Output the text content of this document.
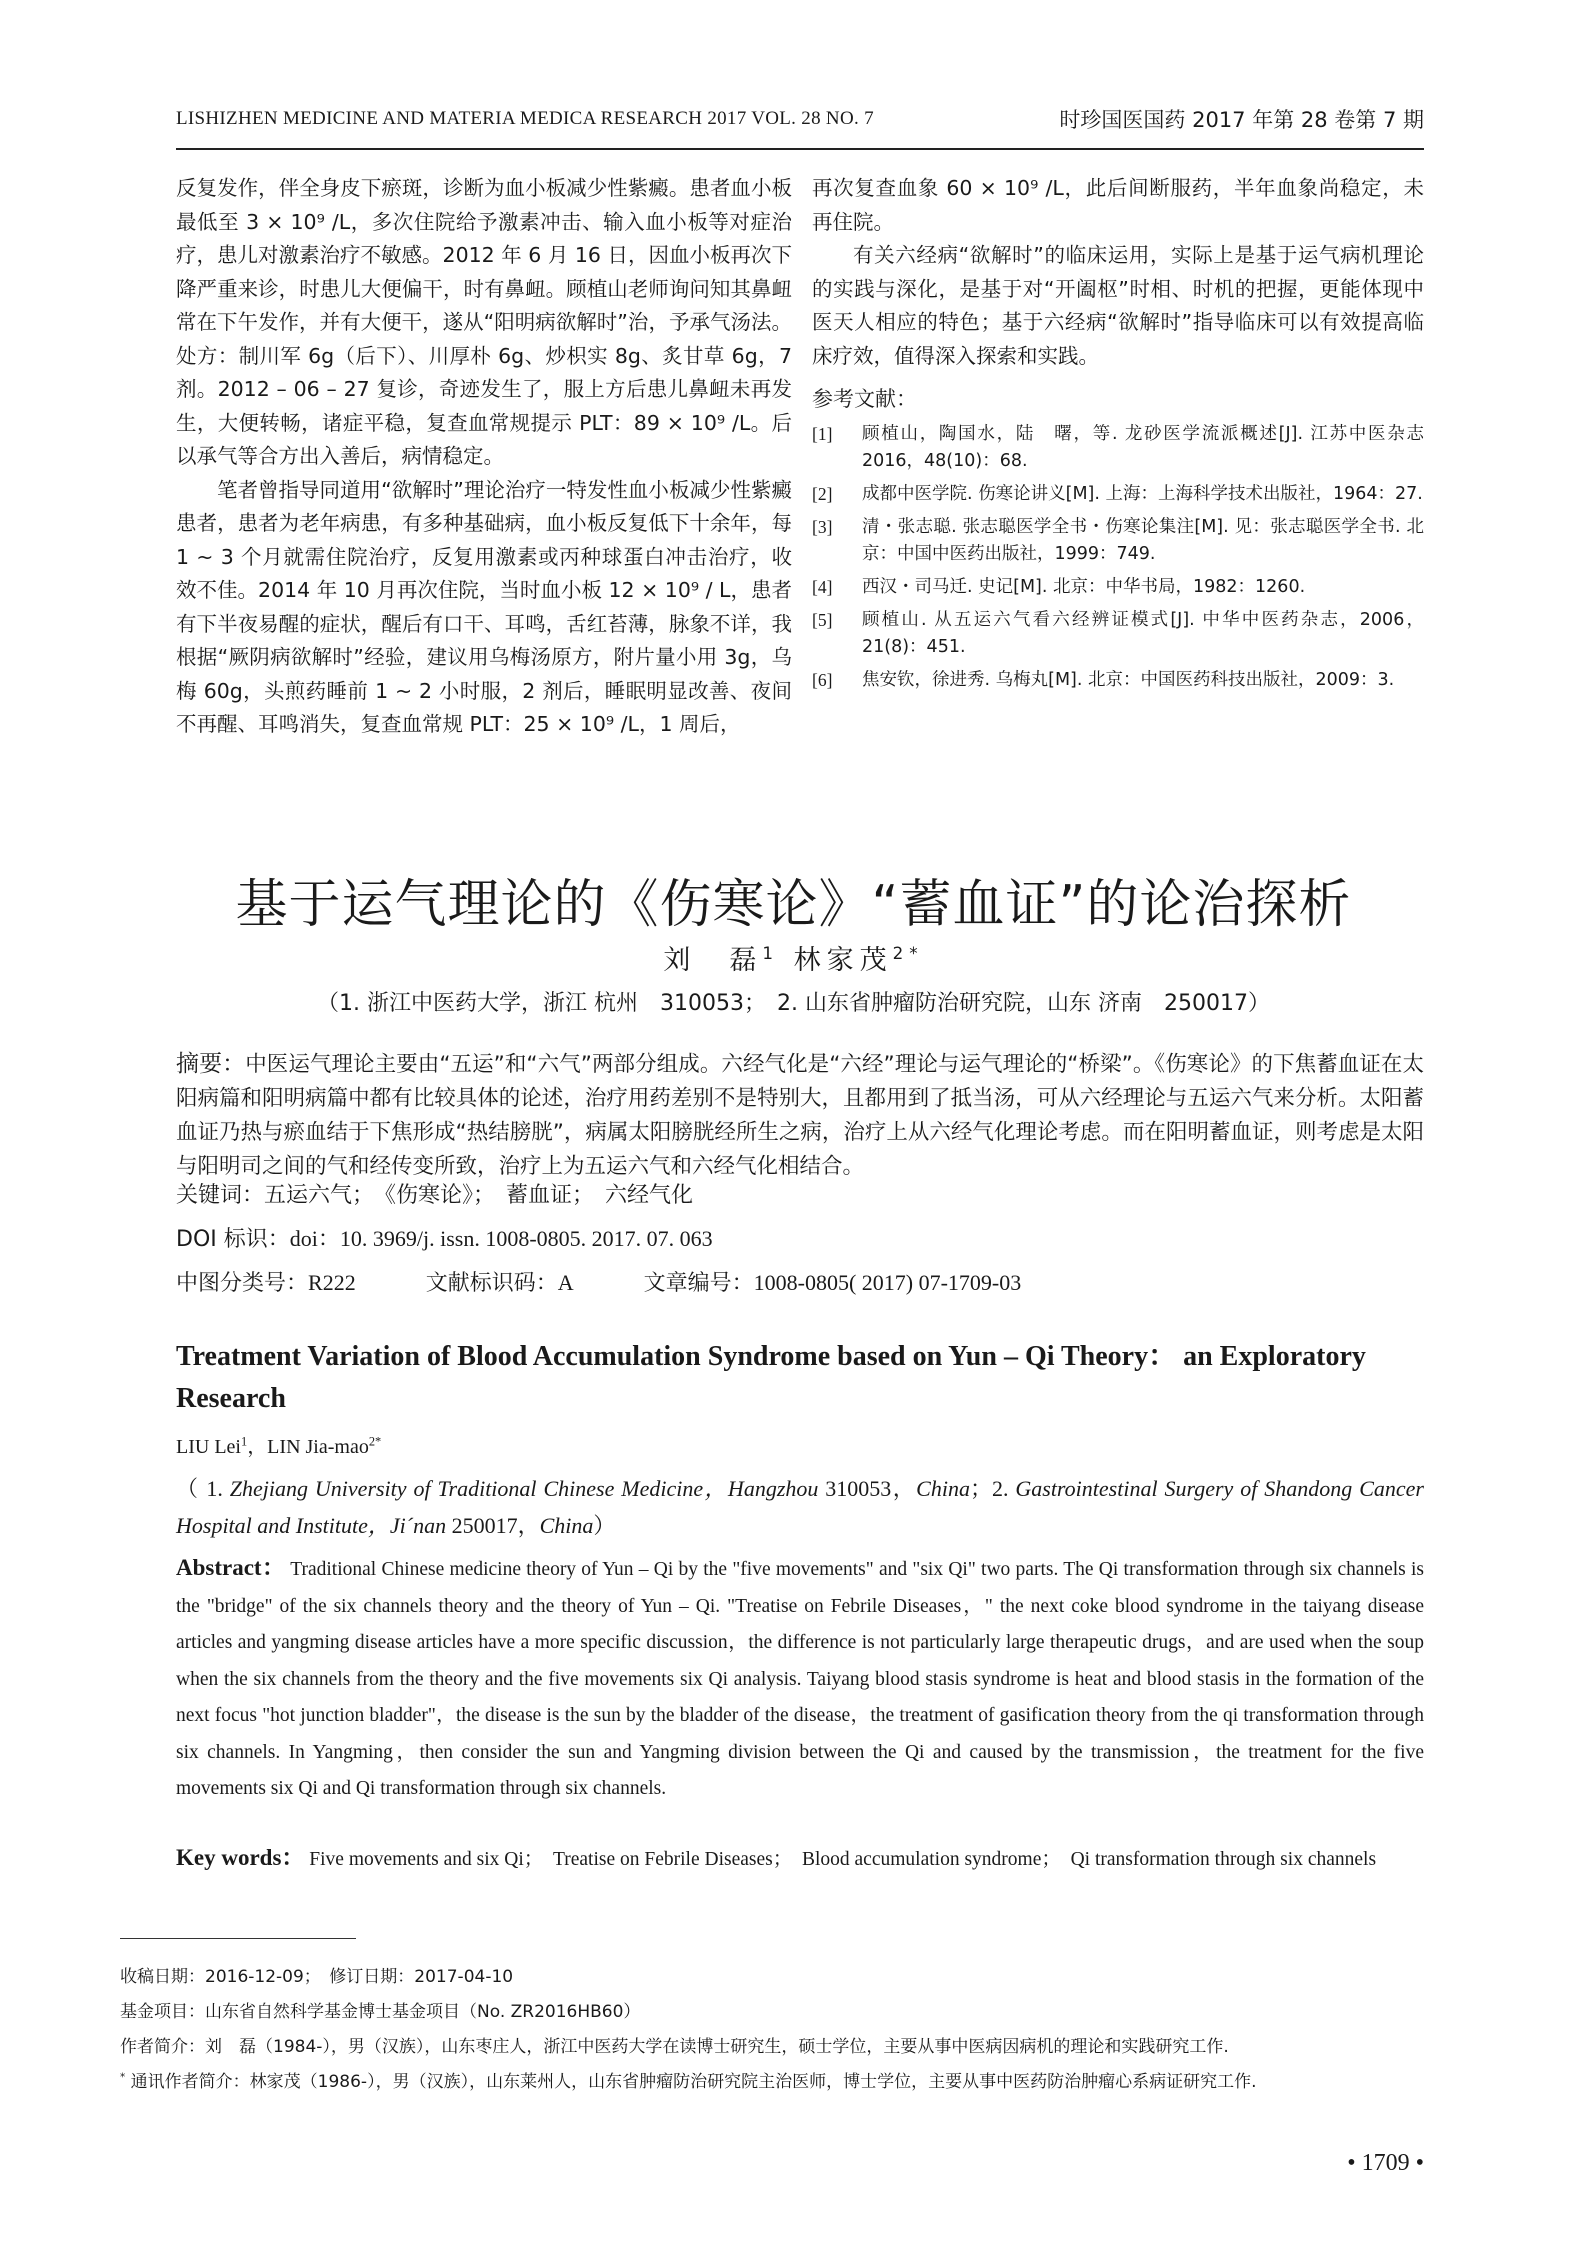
LISHIZHEN MEDICINE AND MATERIA MEDICA RESEARCH 2017 VOL. 28 NO. 7	时珍国医国药 2017 年第 28 卷第 7 期

反复发作，伴全身皮下瘀斑，诊断为血小板减少性紫癜。患者血小板最低至 3 × 10⁹ /L，多次住院给予激素冲击、输入血小板等对症治疗，患儿对激素治疗不敏感。2012 年 6 月 16 日，因血小板再次下降严重来诊，时患儿大便偏干，时有鼻衄。顾植山老师询问知其鼻衄常在下午发作，并有大便干，遂从“阳明病欲解时”治，予承气汤法。处方：制川军 6g（后下）、川厚朴 6g、炒枳实 8g、炙甘草 6g，7 剂。2012 – 06 – 27 复诊，奇迹发生了，服上方后患儿鼻衄未再发生，大便转畅，诸症平稳，复查血常规提示 PLT：89 × 10⁹ /L。后以承气等合方出入善后，病情稳定。

笔者曾指导同道用“欲解时”理论治疗一特发性血小板减少性紫癜患者，患者为老年病患，有多种基础病，血小板反复低下十余年，每 1 ~ 3 个月就需住院治疗，反复用激素或丙种球蛋白冲击治疗，收效不佳。2014 年 10 月再次住院，当时血小板 12 × 10⁹ / L，患者有下半夜易醒的症状，醒后有口干、耳鸣，舌红苔薄，脉象不详，我根据“厥阴病欲解时”经验，建议用乌梅汤原方，附片量小用 3g，乌梅 60g，头煎药睡前 1 ~ 2 小时服，2 剂后，睡眠明显改善、夜间不再醒、耳鸣消失，复查血常规 PLT：25 × 10⁹ /L，1 周后，

再次复查血象 60 × 10⁹ /L，此后间断服药，半年血象尚稳定，未再住院。

有关六经病“欲解时”的临床运用，实际上是基于运气病机理论的实践与深化，是基于对“开阖枢”时相、时机的把握，更能体现中医天人相应的特色；基于六经病“欲解时”指导临床可以有效提高临床疗效，值得深入探索和实践。

参考文献：

[1]	顾植山，陶国水，陆　曙，等. 龙砂医学流派概述[J]. 江苏中医杂志 2016，48(10)：68.

[2]	成都中医学院. 伤寒论讲义[M]. 上海：上海科学技术出版社，1964：27.

[3]	清・张志聪. 张志聪医学全书・伤寒论集注[M]. 见：张志聪医学全书. 北京：中国中医药出版社，1999：749.

[4]	西汉・司马迁. 史记[M]. 北京：中华书局，1982：1260.

[5]	顾植山. 从五运六气看六经辨证模式[J]. 中华中医药杂志，2006，21(8)：451.

[6]	焦安钦，徐进秀. 乌梅丸[M]. 北京：中国医药科技出版社，2009：3.

基于运气理论的《伤寒论》“蓄血证”的论治探析
刘　磊$^1$ 林家茂$^{2*}$
（1. 浙江中医药大学，浙江 杭州　310053；　2. 山东省肿瘤防治研究院，山东 济南　250017）
摘要：中医运气理论主要由“五运”和“六气”两部分组成。六经气化是“六经”理论与运气理论的“桥梁”。《伤寒论》的下焦蓄血证在太阳病篇和阳明病篇中都有比较具体的论述，治疗用药差别不是特别大，且都用到了抵当汤，可从六经理论与五运六气来分析。太阳蓄血证乃热与瘀血结于下焦形成“热结膀胱”，病属太阳膀胱经所生之病，治疗上从六经气化理论考虑。而在阳明蓄血证，则考虑是太阳与阳明司之间的气和经传变所致，治疗上为五运六气和六经气化相结合。
关键词：五运六气；　《伤寒论》；　蓄血证；　六经气化
DOI 标识：doi：10. 3969/j. issn. 1008-0805. 2017. 07. 063
中图分类号：R222	文献标识码：A	文章编号：1008-0805( 2017) 07-1709-03
Treatment Variation of Blood Accumulation Syndrome based on Yun – Qi Theory： an Exploratory Research
LIU Lei$^1$，LIN Jia-mao$^{2*}$
（ 1. Zhejiang University of Traditional Chinese Medicine，Hangzhou 310053，China；2. Gastrointestinal Surgery of Shandong Cancer Hospital and Institute，Ji´nan 250017，China）
Abstract： Traditional Chinese medicine theory of Yun – Qi by the "five movements" and "six Qi" two parts. The Qi transformation through six channels is the "bridge" of the six channels theory and the theory of Yun – Qi. "Treatise on Febrile Diseases，" the next coke blood syndrome in the taiyang disease articles and yangming disease articles have a more specific discussion，the difference is not particularly large therapeutic drugs，and are used when the soup when the six channels from the theory and the five movements six Qi analysis. Taiyang blood stasis syndrome is heat and blood stasis in the formation of the next focus "hot junction bladder"，the disease is the sun by the bladder of the disease，the treatment of gasification theory from the qi transformation through six channels. In Yangming，then consider the sun and Yangming division between the Qi and caused by the transmission，the treatment for the five movements six Qi and Qi transformation through six channels.
Key words： Five movements and six Qi；　Treatise on Febrile Diseases；　Blood accumulation syndrome；　Qi transformation through six channels

收稿日期：2016-12-09；　修订日期：2017-04-10

基金项目：山东省自然科学基金博士基金项目（No. ZR2016HB60）

作者简介：刘　磊（1984-），男（汉族），山东枣庄人，浙江中医药大学在读博士研究生，硕士学位，主要从事中医病因病机的理论和实践研究工作.

* 通讯作者简介：林家茂（1986-），男（汉族），山东莱州人，山东省肿瘤防治研究院主治医师，博士学位，主要从事中医药防治肿瘤心系病证研究工作.

• 1709 •
